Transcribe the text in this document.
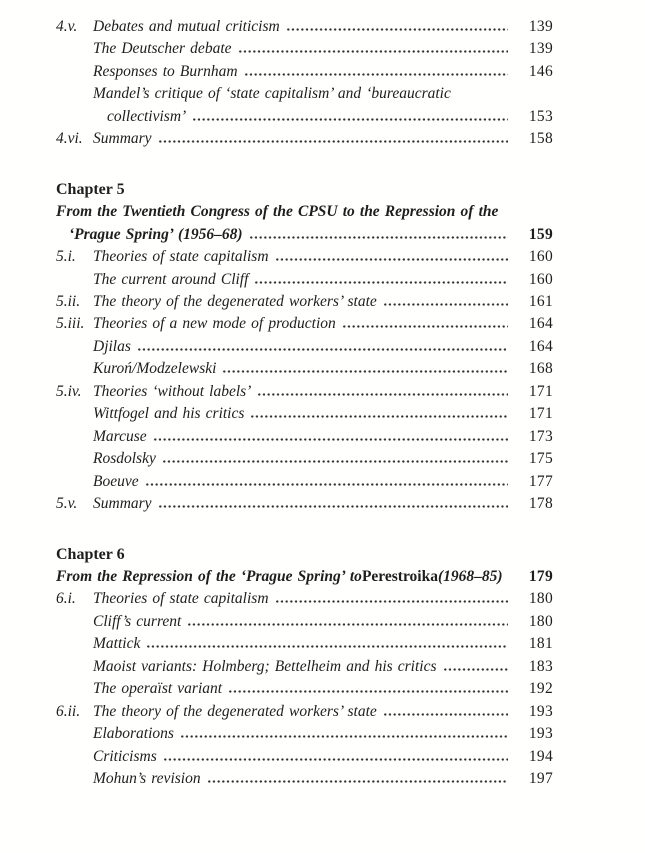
4.v.	Debates and mutual criticism	139
The Deutscher debate	139
Responses to Burnham	146
Mandel’s critique of ‘state capitalism’ and ‘bureaucratic
collectivism’	153
4.vi. Summary	158
Chapter 5
From the Twentieth Congress of the CPSU to the Repression of the
‘Prague Spring’ (1956–68)	159
5.i.	Theories of state capitalism	160
The current around Cliff	160
5.ii. The theory of the degenerated workers’ state	161
5.iii. Theories of a new mode of production	164
Djilas	164
Kuroń/Modzelewski	168
5.iv. Theories ‘without labels’	171
Wittfogel and his critics	171
Marcuse	173
Rosdolsky	175
Boeuve	177
5.v.	Summary	178
Chapter 6
From the Repression of the ‘Prague Spring’ to Perestroika (1968–85)	179
6.i.	Theories of state capitalism	180
Cliff’s current	180
Mattick	181
Maoist variants: Holmberg; Bettelheim and his critics	183
The operaïst variant	192
6.ii. The theory of the degenerated workers’ state	193
Elaborations	193
Criticisms	194
Mohun’s revision	197
